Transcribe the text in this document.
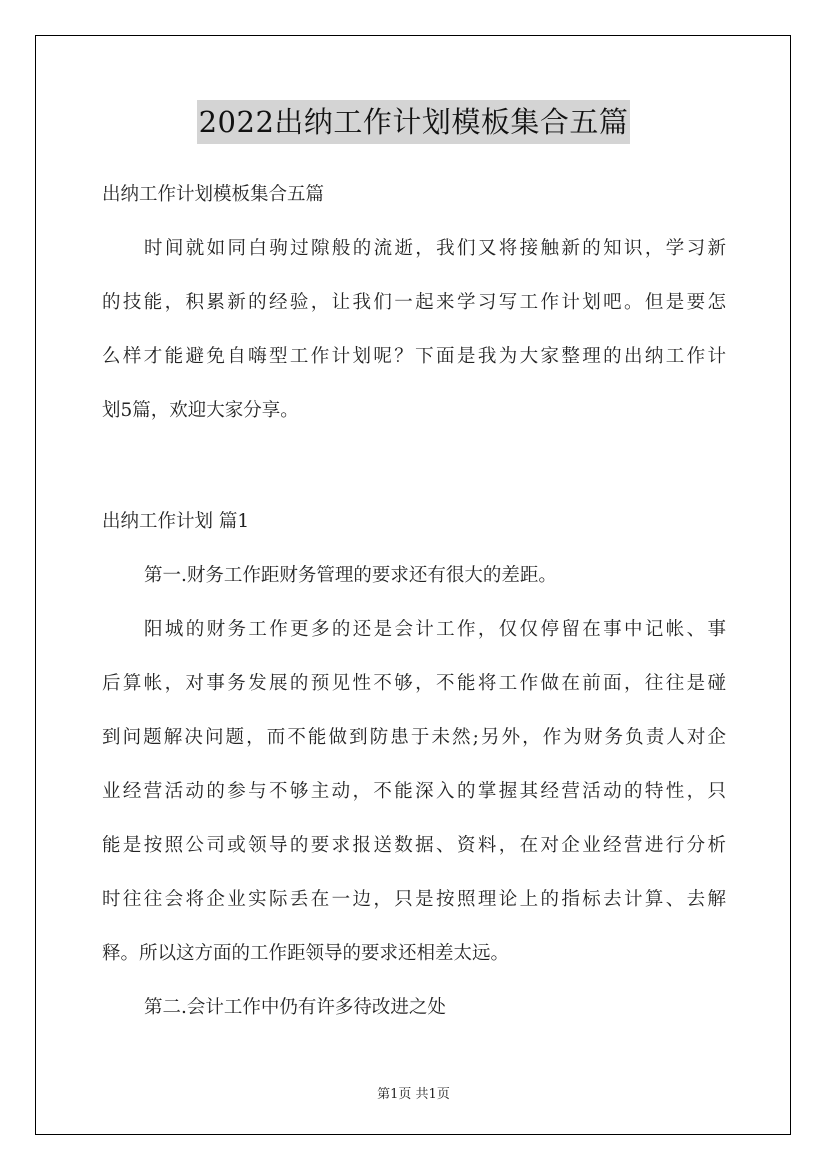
2022出纳工作计划模板集合五篇
出纳工作计划模板集合五篇
时间就如同白驹过隙般的流逝，我们又将接触新的知识，学习新
的技能，积累新的经验，让我们一起来学习写工作计划吧。但是要怎
么样才能避免自嗨型工作计划呢？下面是我为大家整理的出纳工作计
划5篇，欢迎大家分享。
出纳工作计划 篇1
第一.财务工作距财务管理的要求还有很大的差距。
阳城的财务工作更多的还是会计工作，仅仅停留在事中记帐、事
后算帐，对事务发展的预见性不够，不能将工作做在前面，往往是碰
到问题解决问题，而不能做到防患于未然;另外，作为财务负责人对企
业经营活动的参与不够主动，不能深入的掌握其经营活动的特性，只
能是按照公司或领导的要求报送数据、资料，在对企业经营进行分析
时往往会将企业实际丢在一边，只是按照理论上的指标去计算、去解
释。所以这方面的工作距领导的要求还相差太远。
第二.会计工作中仍有许多待改进之处
第1页 共1页
